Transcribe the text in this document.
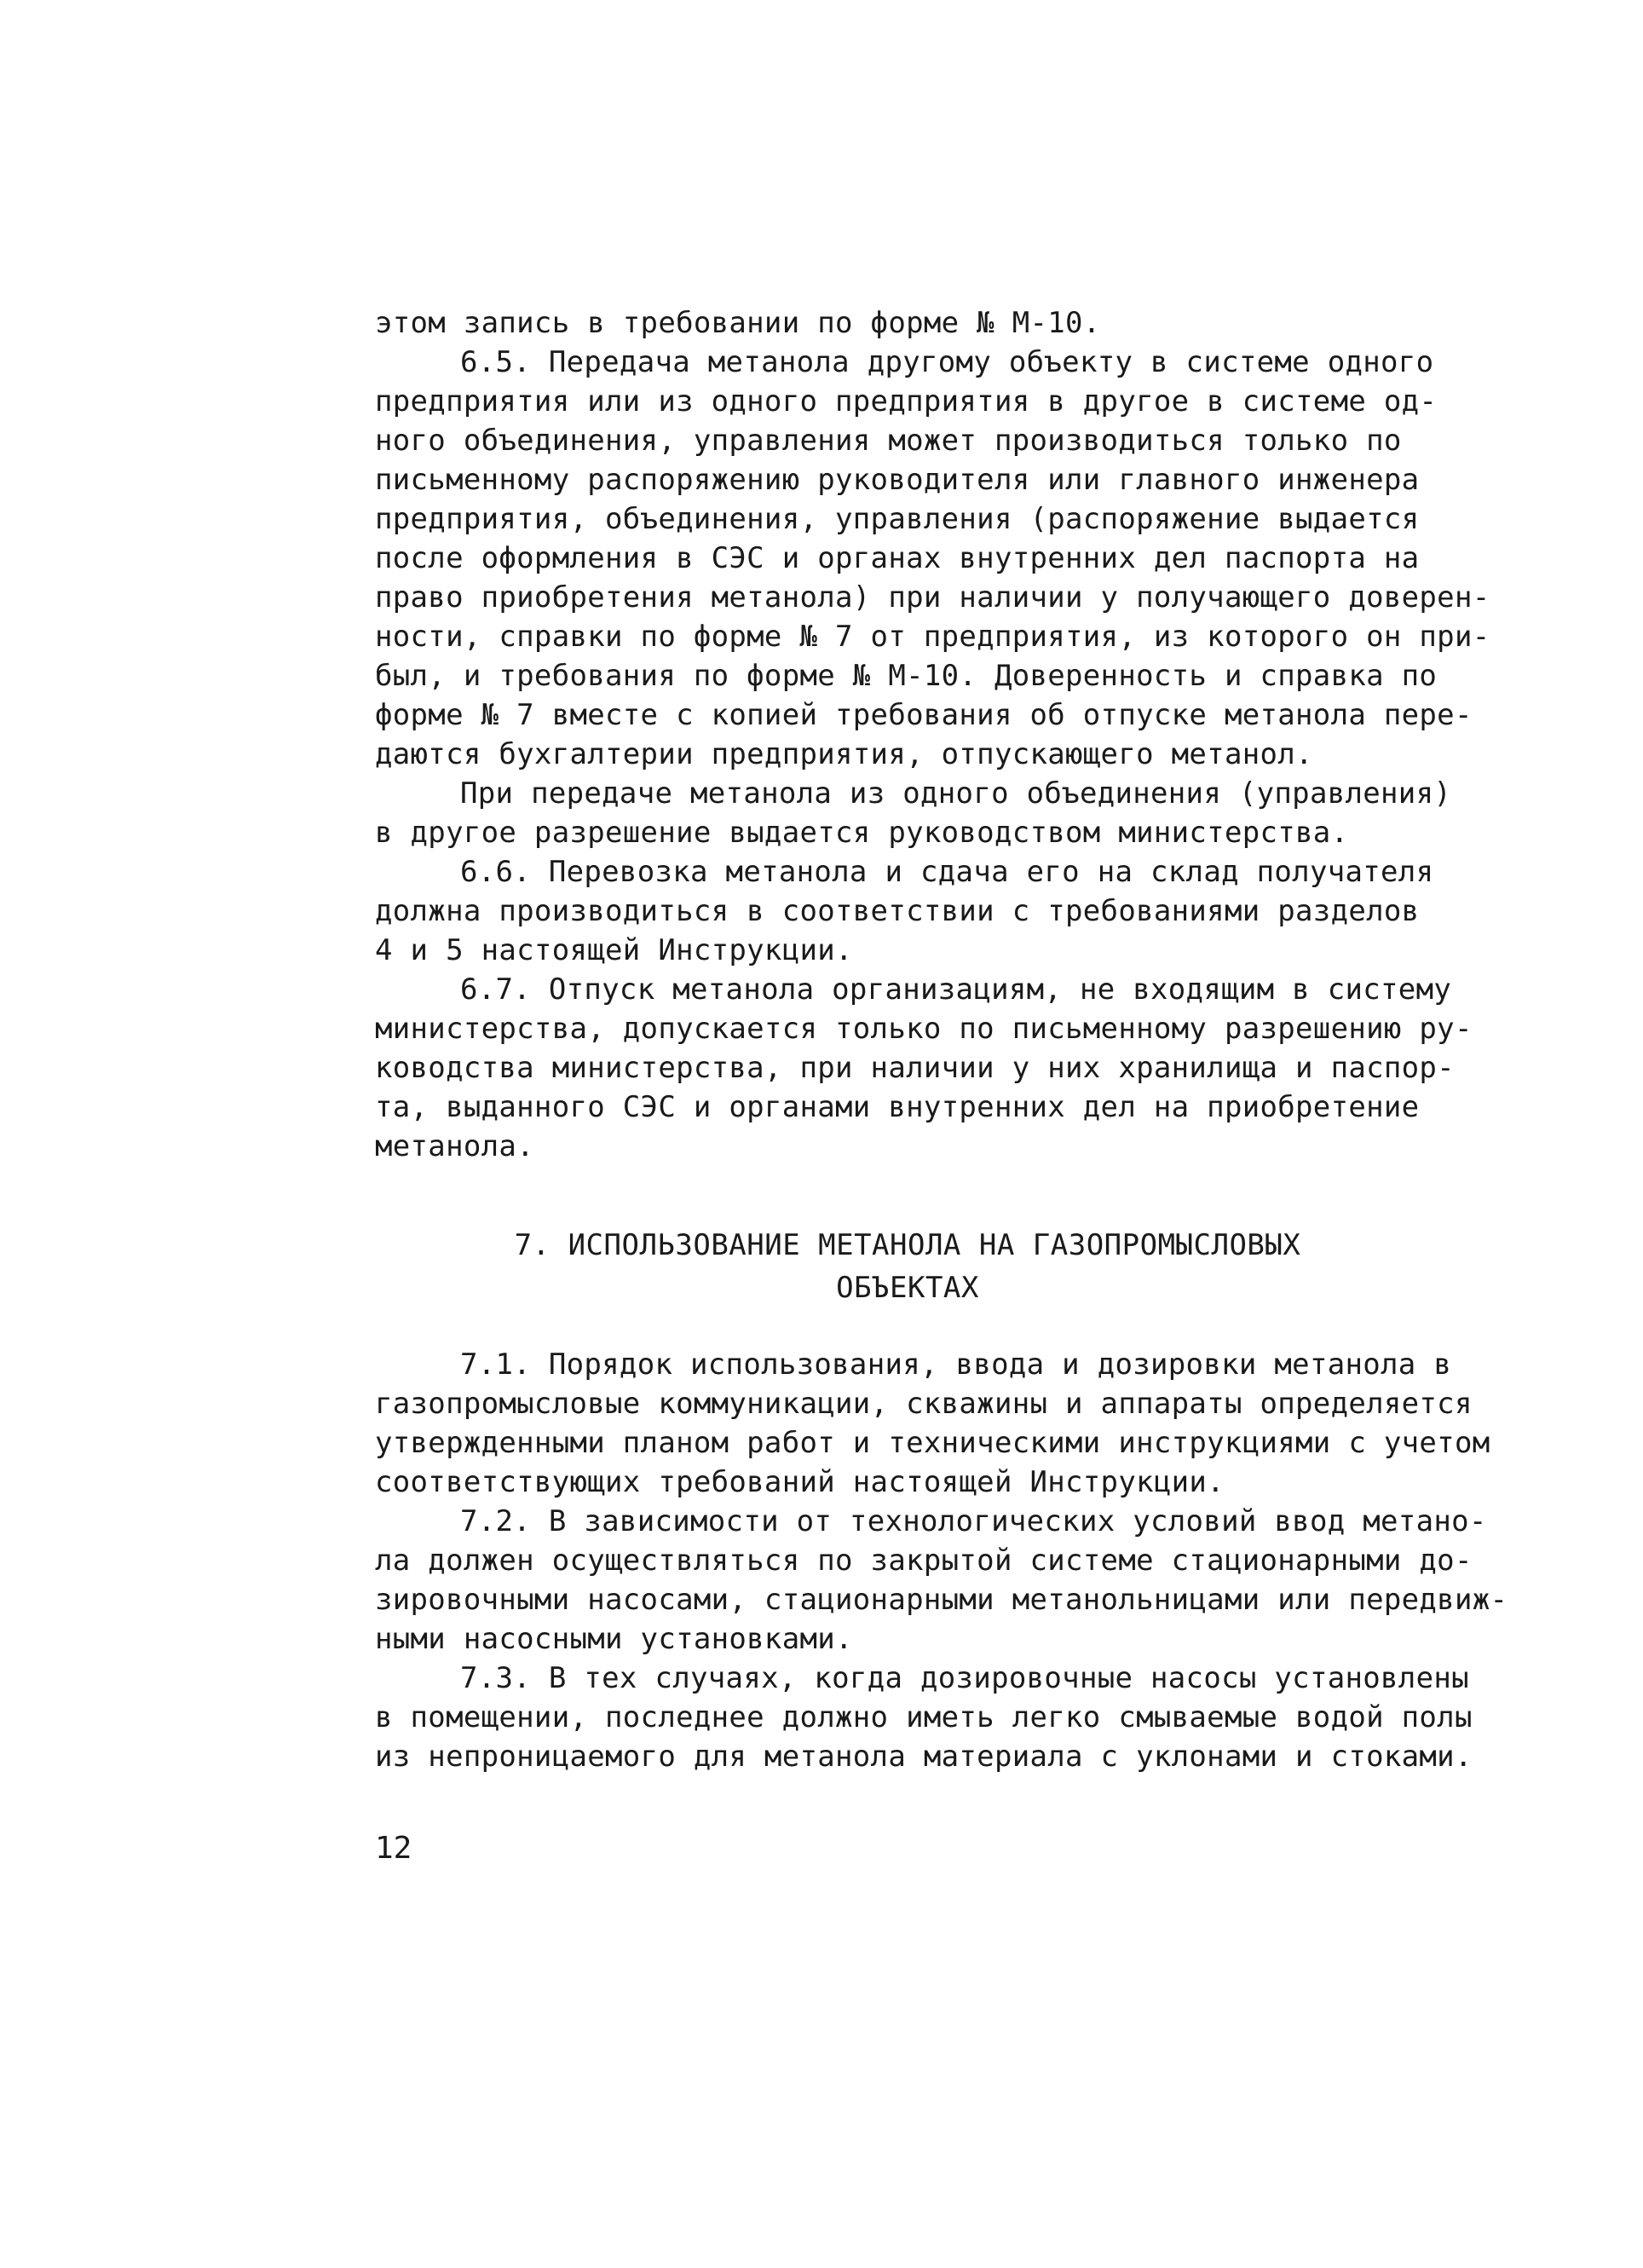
этом запись в требовании по форме № М-10.
6.5. Передача метанола другому объекту в системе одного
предприятия или из одного предприятия в другое в системе од-
ного объединения, управления может производиться только по
письменному распоряжению руководителя или главного инженера
предприятия, объединения, управления (распоряжение выдается
после оформления в СЭС и органах внутренних дел паспорта на
право приобретения метанола) при наличии у получающего доверен-
ности, справки по форме № 7 от предприятия, из которого он при-
был, и требования по форме № М-10. Доверенность и справка по
форме № 7 вместе с копией требования об отпуске метанола пере-
даются бухгалтерии предприятия, отпускающего метанол.
При передаче метанола из одного объединения (управления)
в другое разрешение выдается руководством министерства.
6.6. Перевозка метанола и сдача его на склад получателя
должна производиться в соответствии с требованиями разделов
4 и 5 настоящей Инструкции.
6.7. Отпуск метанола организациям, не входящим в систему
министерства, допускается только по письменному разрешению ру-
ководства министерства, при наличии у них хранилища и паспор-
та, выданного СЭС и органами внутренних дел на приобретение
метанола.
7. ИСПОЛЬЗОВАНИЕ МЕТАНОЛА НА ГАЗОПРОМЫСЛОВЫХ
ОБЪЕКТАХ
7.1. Порядок использования, ввода и дозировки метанола в
газопромысловые коммуникации, скважины и аппараты определяется
утвержденными планом работ и техническими инструкциями с учетом
соответствующих требований настоящей Инструкции.
7.2. В зависимости от технологических условий ввод метано-
ла должен осуществляться по закрытой системе стационарными до-
зировочными насосами, стационарными метанольницами или передвиж-
ными насосными установками.
7.3. В тех случаях, когда дозировочные насосы установлены
в помещении, последнее должно иметь легко смываемые водой полы
из непроницаемого для метанола материала с уклонами и стоками.
12
